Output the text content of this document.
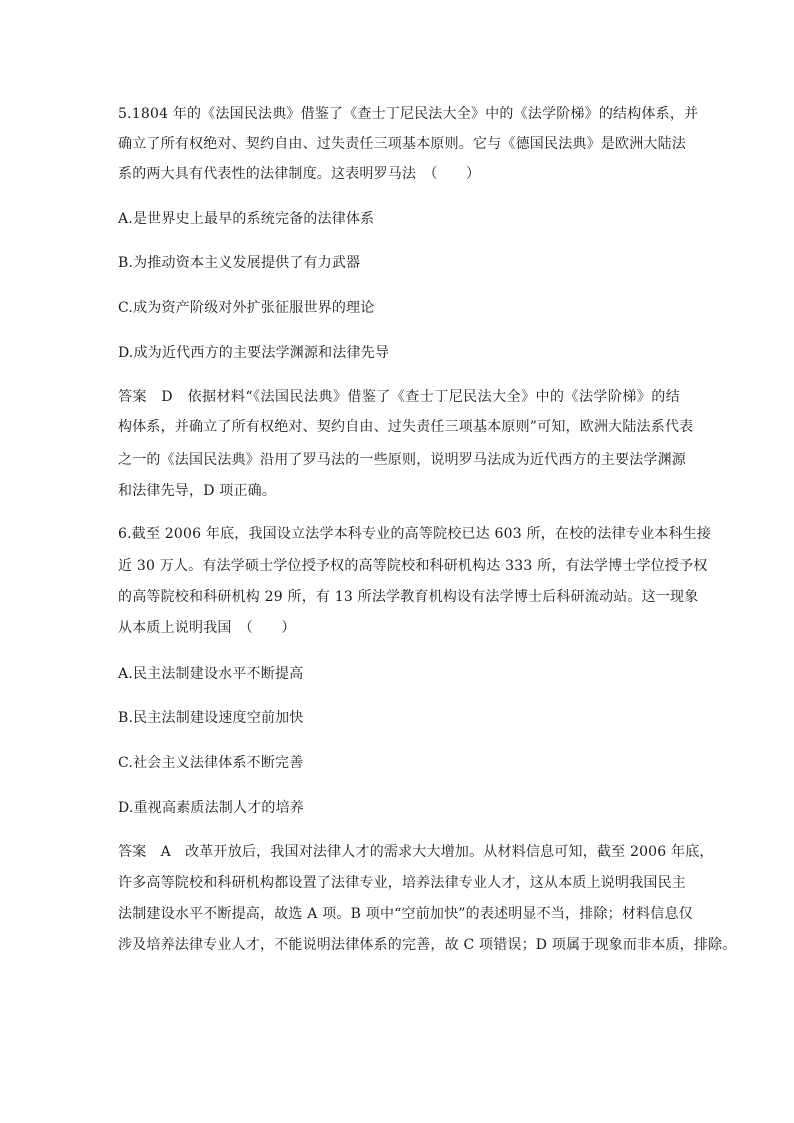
5.1804 年的《法国民法典》借鉴了《查士丁尼民法大全》中的《法学阶梯》的结构体系，并
确立了所有权绝对、契约自由、过失责任三项基本原则。它与《德国民法典》是欧洲大陆法
系的两大具有代表性的法律制度。这表明罗马法　（　　）
A.是世界史上最早的系统完备的法律体系
B.为推动资本主义发展提供了有力武器
C.成为资产阶级对外扩张征服世界的理论
D.成为近代西方的主要法学渊源和法律先导
答案　D　依据材料“《法国民法典》借鉴了《查士丁尼民法大全》中的《法学阶梯》的结
构体系，并确立了所有权绝对、契约自由、过失责任三项基本原则”可知，欧洲大陆法系代表
之一的《法国民法典》沿用了罗马法的一些原则，说明罗马法成为近代西方的主要法学渊源
和法律先导，D 项正确。
6.截至 2006 年底，我国设立法学本科专业的高等院校已达 603 所，在校的法律专业本科生接
近 30 万人。有法学硕士学位授予权的高等院校和科研机构达 333 所，有法学博士学位授予权
的高等院校和科研机构 29 所，有 13 所法学教育机构设有法学博士后科研流动站。这一现象
从本质上说明我国　（　　）
A.民主法制建设水平不断提高
B.民主法制建设速度空前加快
C.社会主义法律体系不断完善
D.重视高素质法制人才的培养
答案　A　改革开放后，我国对法律人才的需求大大增加。从材料信息可知，截至 2006 年底，
许多高等院校和科研机构都设置了法律专业，培养法律专业人才，这从本质上说明我国民主
法制建设水平不断提高，故选 A 项。B 项中“空前加快”的表述明显不当，排除；材料信息仅
涉及培养法律专业人才，不能说明法律体系的完善，故 C 项错误；D 项属于现象而非本质，排除。
